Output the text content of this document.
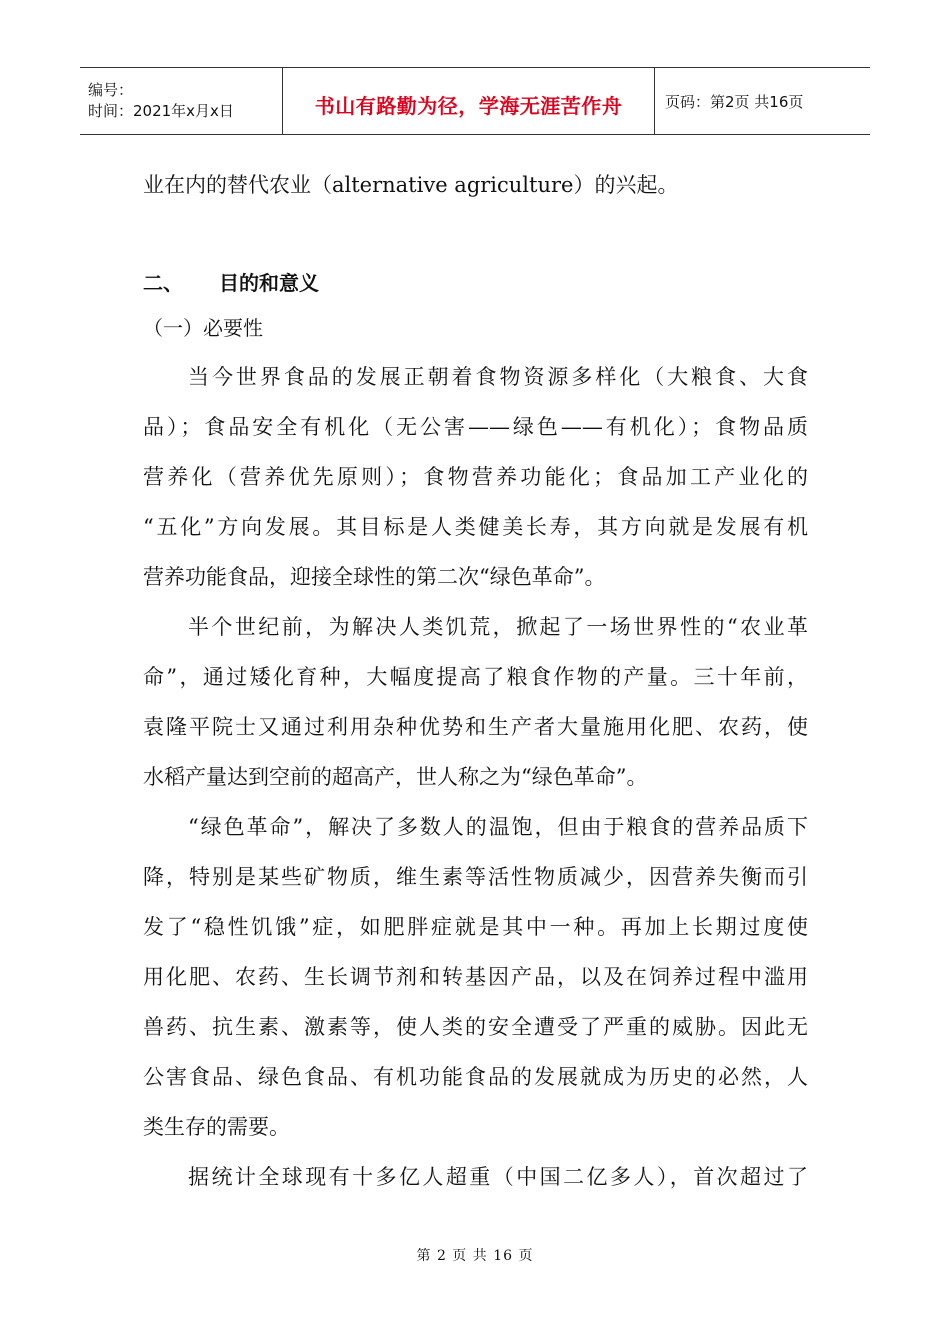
编号：
时间：2021年x月x日	书山有路勤为径，学海无涯苦作舟	页码：第2页 共16页

业在内的替代农业（alternative agriculture）的兴起。

二、 目的和意义
（一）必要性

当今世界食品的发展正朝着食物资源多样化（大粮食、大食

品）；食品安全有机化（无公害——绿色——有机化）；食物品质

营养化（营养优先原则）；食物营养功能化；食品加工产业化的

“五化”方向发展。其目标是人类健美长寿，其方向就是发展有机

营养功能食品，迎接全球性的第二次“绿色革命”。

半个世纪前，为解决人类饥荒，掀起了一场世界性的“农业革

命”，通过矮化育种，大幅度提高了粮食作物的产量。三十年前，

袁隆平院士又通过利用杂种优势和生产者大量施用化肥、农药，使

水稻产量达到空前的超高产，世人称之为“绿色革命”。

“绿色革命”，解决了多数人的温饱，但由于粮食的营养品质下

降，特别是某些矿物质，维生素等活性物质减少，因营养失衡而引

发了“稳性饥饿”症，如肥胖症就是其中一种。再加上长期过度使

用化肥、农药、生长调节剂和转基因产品，以及在饲养过程中滥用

兽药、抗生素、激素等，使人类的安全遭受了严重的威胁。因此无

公害食品、绿色食品、有机功能食品的发展就成为历史的必然，人

类生存的需要。

据统计全球现有十多亿人超重（中国二亿多人），首次超过了

第 2 页 共 16 页
